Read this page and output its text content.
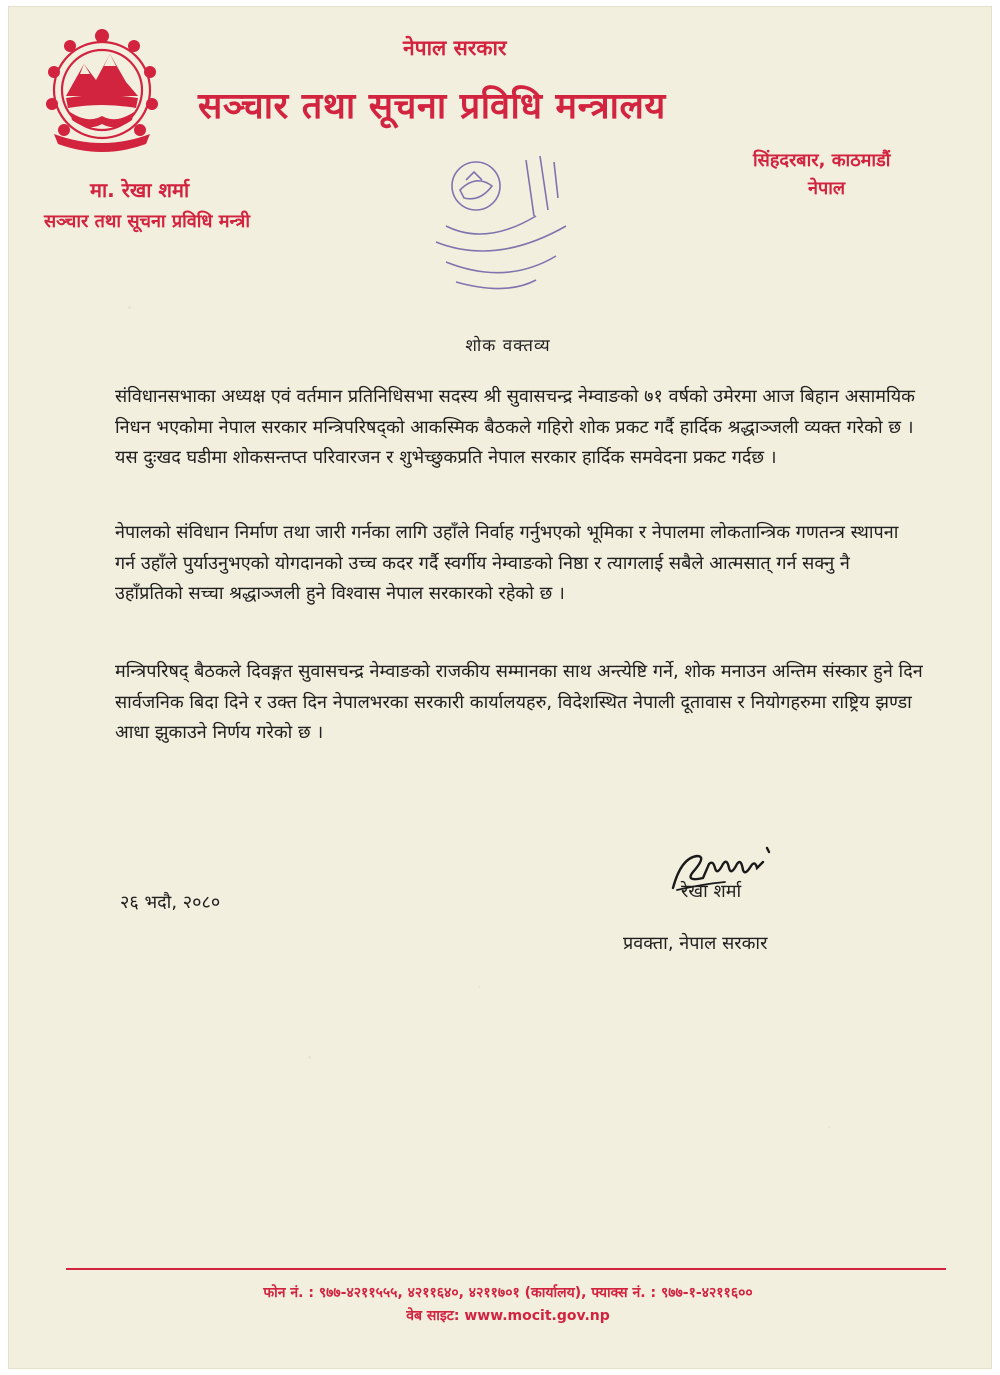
नेपाल सरकार
सञ्चार तथा सूचना प्रविधि मन्त्रालय
सिंहदरबार, काठमाडौं
नेपाल
मा. रेखा शर्मा
सञ्चार तथा सूचना प्रविधि मन्त्री
शोक वक्तव्य

संविधानसभाका अध्यक्ष एवं वर्तमान प्रतिनिधिसभा सदस्य श्री सुवासचन्द्र नेम्वाङको ७१ वर्षको उमेरमा आज बिहान असामयिक निधन भएकोमा नेपाल सरकार मन्त्रिपरिषद्को आकस्मिक बैठकले गहिरो शोक प्रकट गर्दै हार्दिक श्रद्धाञ्जली व्यक्त गरेको छ । यस दुःखद घडीमा शोकसन्तप्त परिवारजन र शुभेच्छुकप्रति नेपाल सरकार हार्दिक समवेदना प्रकट गर्दछ ।

नेपालको संविधान निर्माण तथा जारी गर्नका लागि उहाँले निर्वाह गर्नुभएको भूमिका र नेपालमा लोकतान्त्रिक गणतन्त्र स्थापना गर्न उहाँले पुर्याउनुभएको योगदानको उच्च कदर गर्दै स्वर्गीय नेम्वाङको निष्ठा र त्यागलाई सबैले आत्मसात् गर्न सक्नु नै उहाँप्रतिको सच्चा श्रद्धाञ्जली हुने विश्वास नेपाल सरकारको रहेको छ ।

मन्त्रिपरिषद् बैठकले दिवङ्गत सुवासचन्द्र नेम्वाङको राजकीय सम्मानका साथ अन्त्येष्टि गर्ने, शोक मनाउन अन्तिम संस्कार हुने दिन सार्वजनिक बिदा दिने र उक्त दिन नेपालभरका सरकारी कार्यालयहरु, विदेशस्थित नेपाली दूतावास र नियोगहरुमा राष्ट्रिय झण्डा आधा झुकाउने निर्णय गरेको छ ।

२६ भदौ, २०८०
रेखा शर्मा
प्रवक्ता, नेपाल सरकार
फोन नं. : ९७७-४२११५५५, ४२११६४०, ४२११७०१ (कार्यालय), फ्याक्स नं. : ९७७-१-४२११६००
वेब साइट: www.mocit.gov.np
